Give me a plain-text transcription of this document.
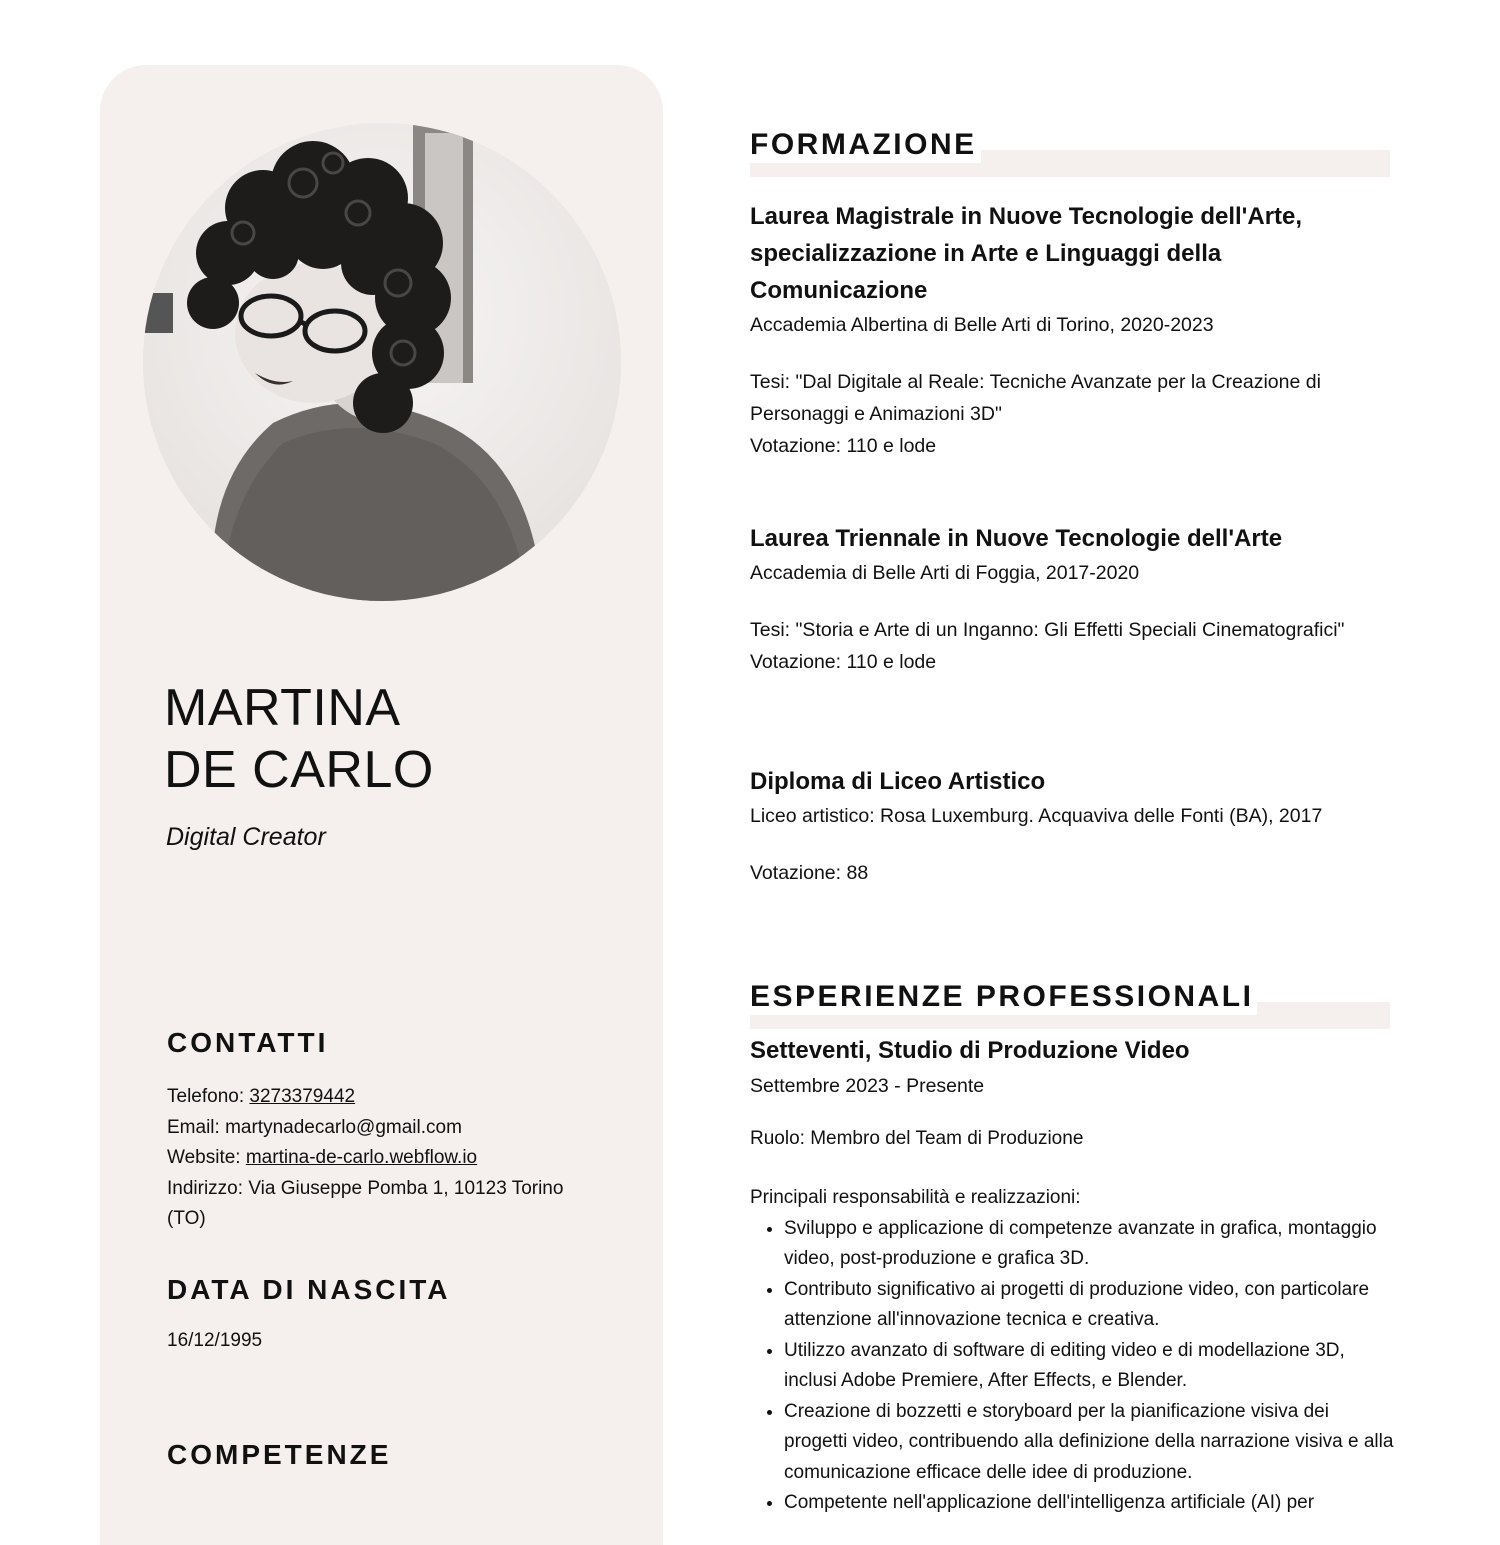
MARTINA
DE CARLO
Digital Creator
CONTATTI
Telefono: 3273379442
Email: martynadecarlo@gmail.com
Website: martina-de-carlo.webflow.io
Indirizzo: Via Giuseppe Pomba 1, 10123 Torino (TO)
DATA DI NASCITA
16/12/1995
COMPETENZE
FORMAZIONE
Laurea Magistrale in Nuove Tecnologie dell'Arte, specializzazione in Arte e Linguaggi della Comunicazione

Accademia Albertina di Belle Arti di Torino, 2020-2023

Tesi: "Dal Digitale al Reale: Tecniche Avanzate per la Creazione di Personaggi e Animazioni 3D"

Votazione: 110 e lode

Laurea Triennale in Nuove Tecnologie dell'Arte

Accademia di Belle Arti di Foggia, 2017-2020

Tesi: "Storia e Arte di un Inganno: Gli Effetti Speciali Cinematografici"

Votazione: 110 e lode

Diploma di Liceo Artistico

Liceo artistico: Rosa Luxemburg. Acquaviva delle Fonti (BA), 2017

Votazione: 88

ESPERIENZE PROFESSIONALI
Setteventi, Studio di Produzione Video

Settembre 2023 - Presente

Ruolo: Membro del Team di Produzione

Principali responsabilità e realizzazioni:

• Sviluppo e applicazione di competenze avanzate in grafica, montaggio video, post-produzione e grafica 3D.
• Contributo significativo ai progetti di produzione video, con particolare attenzione all'innovazione tecnica e creativa.
• Utilizzo avanzato di software di editing video e di modellazione 3D, inclusi Adobe Premiere, After Effects, e Blender.
• Creazione di bozzetti e storyboard per la pianificazione visiva dei progetti video, contribuendo alla definizione della narrazione visiva e alla comunicazione efficace delle idee di produzione.
• Competente nell'applicazione dell'intelligenza artificiale (AI) per
